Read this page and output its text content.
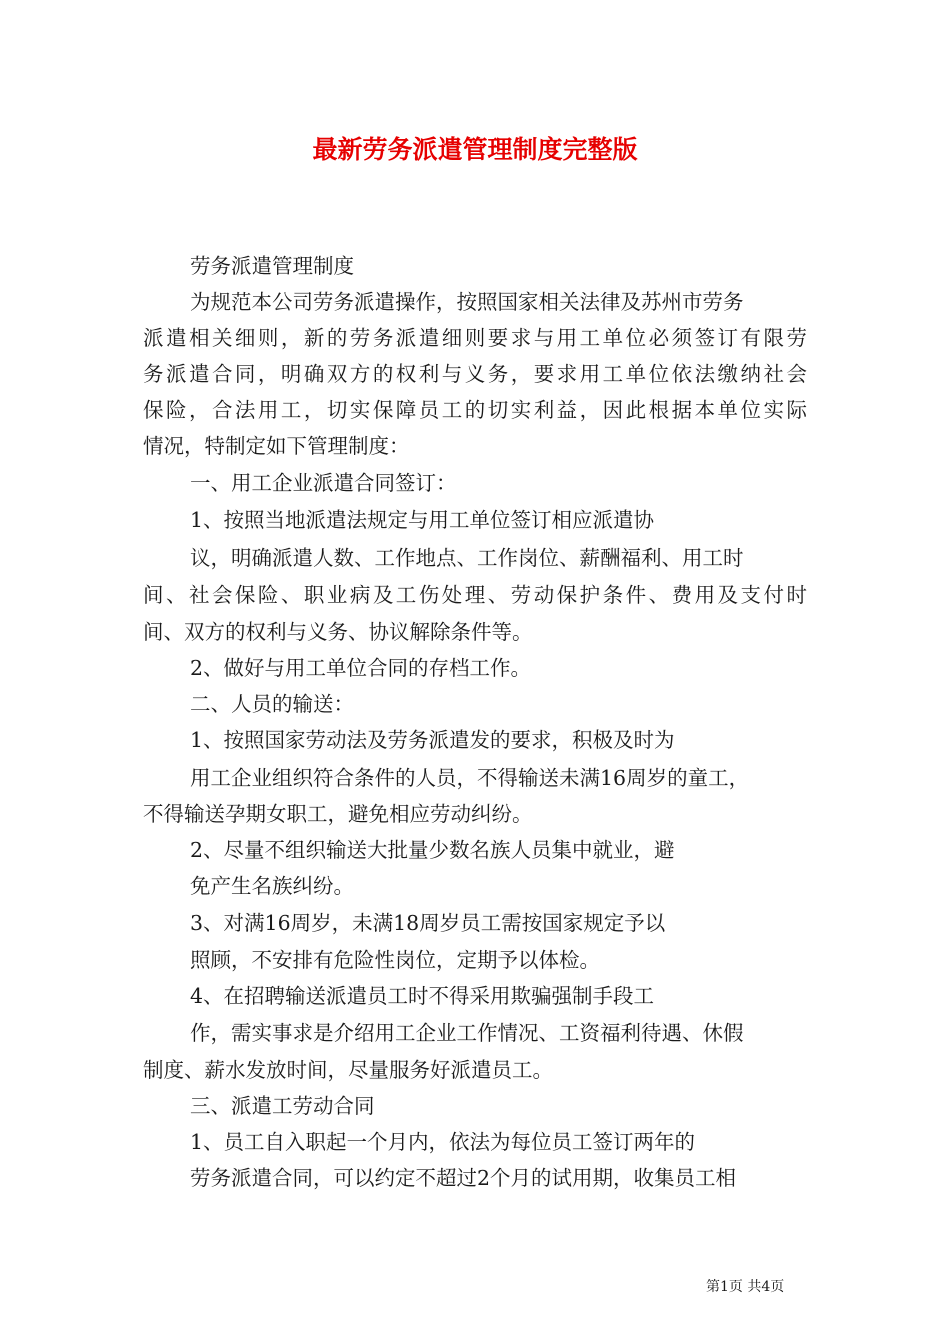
最新劳务派遣管理制度完整版

劳务派遣管理制度

为规范本公司劳务派遣操作，按照国家相关法律及苏州市劳务

派遣相关细则，新的劳务派遣细则要求与用工单位必须签订有限劳

务派遣合同，明确双方的权利与义务，要求用工单位依法缴纳社会

保险，合法用工，切实保障员工的切实利益，因此根据本单位实际

情况，特制定如下管理制度：

一、用工企业派遣合同签订：

1、按照当地派遣法规定与用工单位签订相应派遣协

议，明确派遣人数、工作地点、工作岗位、薪酬福利、用工时

间、社会保险、职业病及工伤处理、劳动保护条件、费用及支付时

间、双方的权利与义务、协议解除条件等。

2、做好与用工单位合同的存档工作。

二、人员的输送：

1、按照国家劳动法及劳务派遣发的要求，积极及时为

用工企业组织符合条件的人员，不得输送未满16周岁的童工，

不得输送孕期女职工，避免相应劳动纠纷。

2、尽量不组织输送大批量少数名族人员集中就业，避

免产生名族纠纷。

3、对满16周岁，未满18周岁员工需按国家规定予以

照顾，不安排有危险性岗位，定期予以体检。

4、在招聘输送派遣员工时不得采用欺骗强制手段工

作，需实事求是介绍用工企业工作情况、工资福利待遇、休假

制度、薪水发放时间，尽量服务好派遣员工。

三、派遣工劳动合同

1、员工自入职起一个月内，依法为每位员工签订两年的

劳务派遣合同，可以约定不超过2个月的试用期，收集员工相

第1页 共4页
